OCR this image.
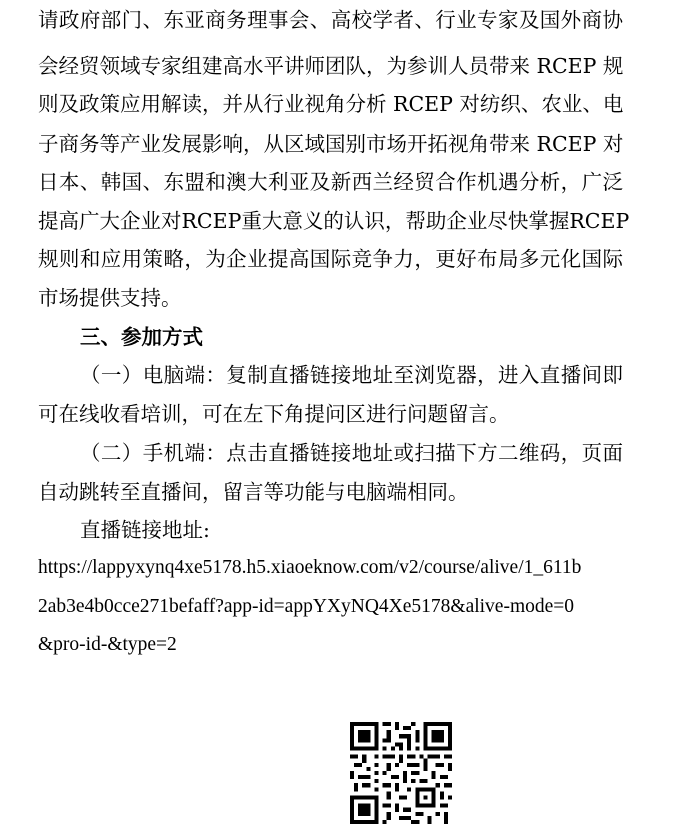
请政府部门、东亚商务理事会、高校学者、行业专家及国外商协
会经贸领域专家组建高水平讲师团队，为参训人员带来 RCEP 规
则及政策应用解读，并从行业视角分析 RCEP 对纺织、农业、电
子商务等产业发展影响，从区域国别市场开拓视角带来 RCEP 对
日本、韩国、东盟和澳大利亚及新西兰经贸合作机遇分析，广泛
提高广大企业对RCEP重大意义的认识，帮助企业尽快掌握RCEP
规则和应用策略，为企业提高国际竞争力，更好布局多元化国际
市场提供支持。
三、参加方式
（一）电脑端：复制直播链接地址至浏览器，进入直播间即
可在线收看培训，可在左下角提问区进行问题留言。
（二）手机端：点击直播链接地址或扫描下方二维码，页面
自动跳转至直播间，留言等功能与电脑端相同。
直播链接地址:
https://lappyxynq4xe5178.h5.xiaoeknow.com/v2/course/alive/1_611b
2ab3e4b0cce271befaff?app-id=appYXyNQ4Xe5178&alive-mode=0
&pro-id-&type=2
